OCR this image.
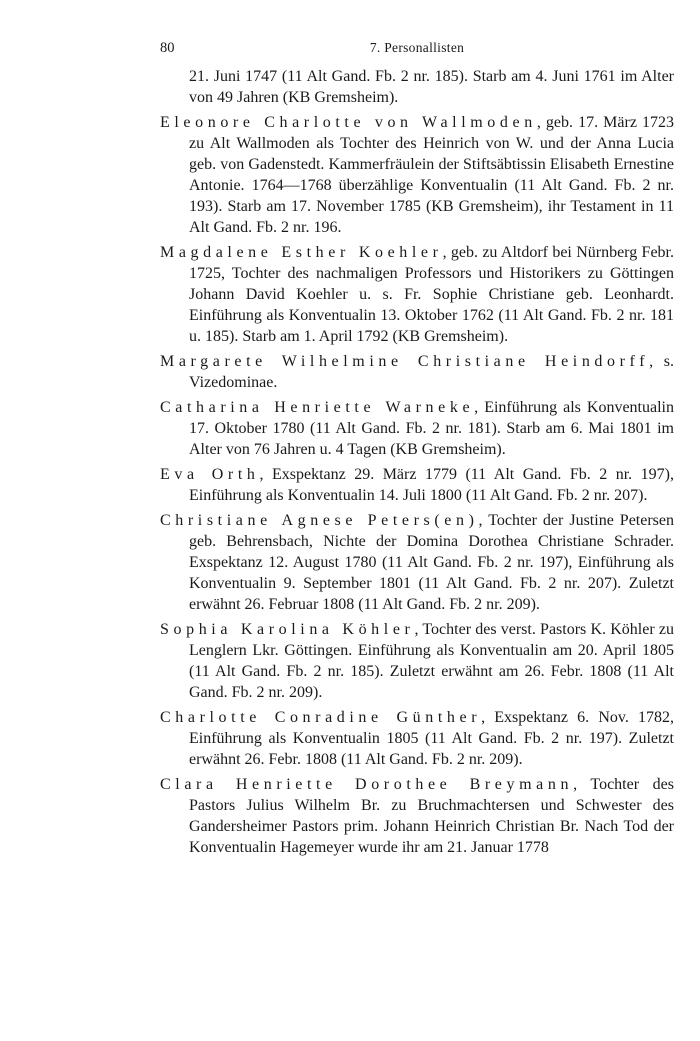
80	7. Personallisten

21. Juni 1747 (11 Alt Gand. Fb. 2 nr. 185). Starb am 4. Juni 1761 im Alter von 49 Jahren (KB Gremsheim).

Eleonore Charlotte von Wallmoden, geb. 17. März 1723 zu Alt Wallmoden als Tochter des Heinrich von W. und der Anna Lucia geb. von Gadenstedt. Kammerfräulein der Stiftsäbtissin Elisabeth Ernestine Antonie. 1764—1768 überzählige Konventualin (11 Alt Gand. Fb. 2 nr. 193). Starb am 17. November 1785 (KB Gremsheim), ihr Testament in 11 Alt Gand. Fb. 2 nr. 196.

Magdalene Esther Koehler, geb. zu Altdorf bei Nürnberg Febr. 1725, Tochter des nachmaligen Professors und Historikers zu Göttingen Johann David Koehler u. s. Fr. Sophie Christiane geb. Leonhardt. Einführung als Konventualin 13. Oktober 1762 (11 Alt Gand. Fb. 2 nr. 181 u. 185). Starb am 1. April 1792 (KB Gremsheim).

Margarete Wilhelmine Christiane Heindorff, s. Vizedominae.

Catharina Henriette Warneke, Einführung als Konventualin 17. Oktober 1780 (11 Alt Gand. Fb. 2 nr. 181). Starb am 6. Mai 1801 im Alter von 76 Jahren u. 4 Tagen (KB Gremsheim).

Eva Orth, Exspektanz 29. März 1779 (11 Alt Gand. Fb. 2 nr. 197), Einführung als Konventualin 14. Juli 1800 (11 Alt Gand. Fb. 2 nr. 207).

Christiane Agnese Peters(en), Tochter der Justine Petersen geb. Behrensbach, Nichte der Domina Dorothea Christiane Schrader. Exspektanz 12. August 1780 (11 Alt Gand. Fb. 2 nr. 197), Einführung als Konventualin 9. September 1801 (11 Alt Gand. Fb. 2 nr. 207). Zuletzt erwähnt 26. Februar 1808 (11 Alt Gand. Fb. 2 nr. 209).

Sophia Karolina Köhler, Tochter des verst. Pastors K. Köhler zu Lenglern Lkr. Göttingen. Einführung als Konventualin am 20. April 1805 (11 Alt Gand. Fb. 2 nr. 185). Zuletzt erwähnt am 26. Febr. 1808 (11 Alt Gand. Fb. 2 nr. 209).

Charlotte Conradine Günther, Exspektanz 6. Nov. 1782, Einführung als Konventualin 1805 (11 Alt Gand. Fb. 2 nr. 197). Zuletzt erwähnt 26. Febr. 1808 (11 Alt Gand. Fb. 2 nr. 209).

Clara Henriette Dorothee Breymann, Tochter des Pastors Julius Wilhelm Br. zu Bruchmachtersen und Schwester des Gandersheimer Pastors prim. Johann Heinrich Christian Br. Nach Tod der Konventualin Hagemeyer wurde ihr am 21. Januar 1778
